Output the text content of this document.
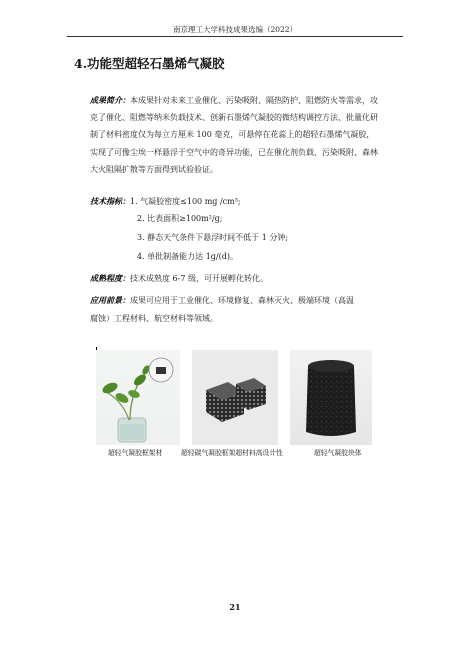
南京理工大学科技成果选编（2022）
4.功能型超轻石墨烯气凝胶
成果简介：本成果针对未来工业催化、污染吸附、隔热防护、阻燃防火等需求，攻克了催化、阻燃等纳米负载技术、创新石墨烯气凝胶的微结构调控方法、批量化研制了材料密度仅为每立方厘米 100 毫克，可悬停在花蕊上的超轻石墨烯气凝胶，实现了可像尘埃一样悬浮于空气中的奇异功能，已在催化剂负载、污染吸附、森林大火阻隔扩散等方面得到试验验证。
技术指标：1. 气凝胶密度≤100 mg /cm³;
2. 比表面积≥100m²/g;
3. 静态天气条件下悬浮时间不低于 1 分钟;
4. 单批制备能力达 1g/(d)。
成熟程度：技术成熟度 6-7 级，可开展孵化转化。
应用前景：成果可应用于工业催化、环境修复、森林灭火、极端环境（高温
腐蚀）工程材料、航空材料等领域。
超轻气凝胶框架材	超轻碳气凝胶框架超材料高设计性	超轻气凝胶块体
21
